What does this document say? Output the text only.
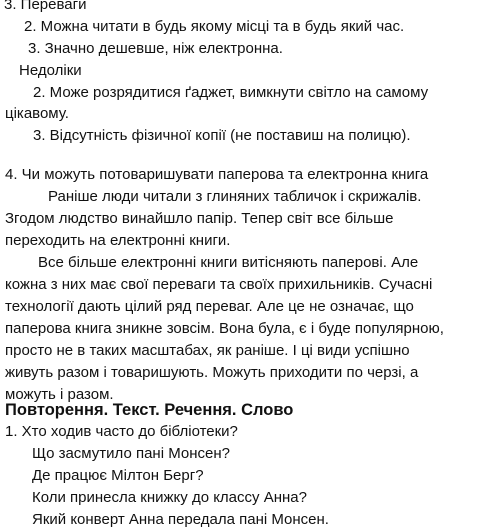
3. Переваги
2. Можна читати в будь якому місці та в будь який час.
3. Значно дешевше, ніж електронна.
Недоліки
2. Може розрядитися ґаджет, вимкнути світло на самому
цікавому.
3. Відсутність фізичної копії (не поставиш на полицю).
4. Чи можуть потоваришувати паперова та електронна книга
Раніше люди читали з глиняних табличок і скрижалів.
Згодом людство винайшло папір. Тепер світ все більше
переходить на електронні книги.
Все більше електронні книги витісняють паперові. Але
кожна з них має свої переваги та своїх прихильників. Сучасні
технології дають цілий ряд переваг. Але це не означає, що
паперова книга зникне зовсім. Вона була, є і буде популярною,
просто не в таких масштабах, як раніше. І ці види успішно
живуть разом і товаришують. Можуть приходити по черзі, а
можуть і разом.
Повторення. Текст. Речення. Слово
1. Хто ходив часто до бібліотеки?
Що засмутило пані Монсен?
Де працює Мілтон Берг?
Коли принесла книжку до классу Анна?
Який конверт Анна передала пані Монсен.
